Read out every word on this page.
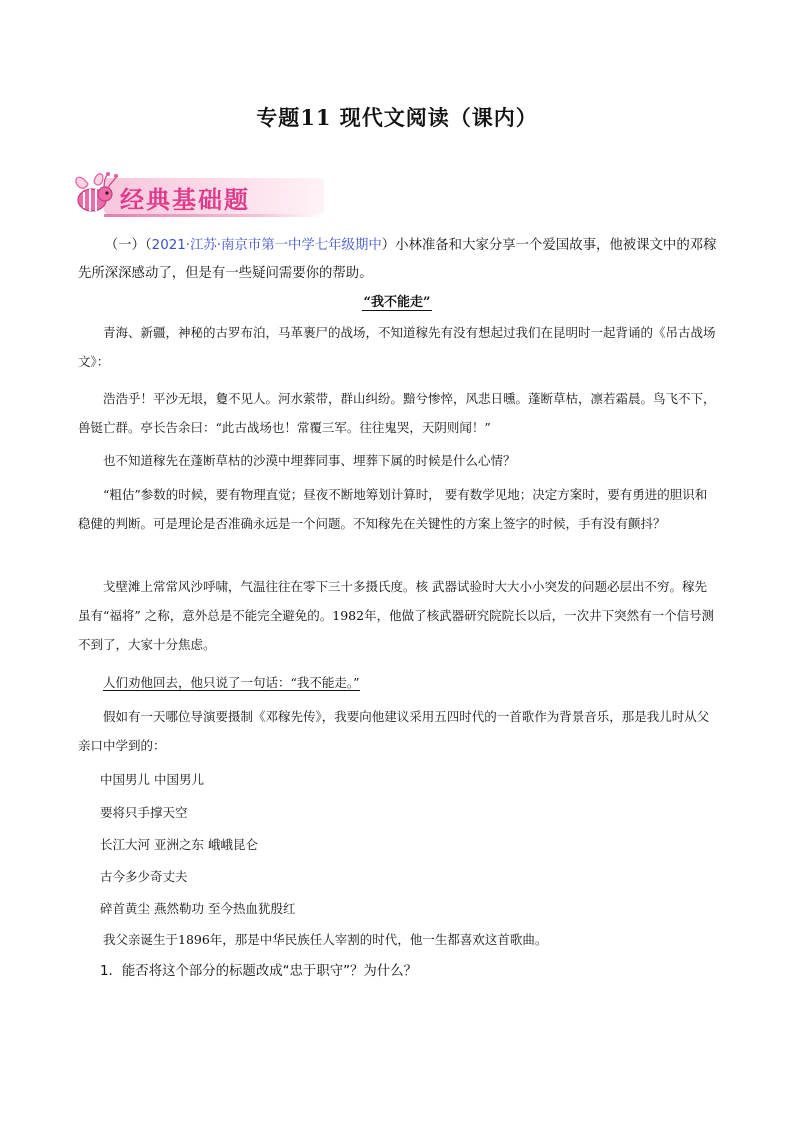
专题11 现代文阅读（课内）
经典基础题
（一）（2021·江苏·南京市第一中学七年级期中）小林准备和大家分享一个爱国故事，他被课文中的邓稼先所深深感动了，但是有一些疑问需要你的帮助。
“我不能走”
青海、新疆，神秘的古罗布泊，马革裹尸的战场，不知道稼先有没有想起过我们在昆明时一起背诵的《吊古战场文》：
浩浩乎！平沙无垠，敻不见人。河水萦带，群山纠纷。黯兮惨悴，风悲日曛。蓬断草枯，凛若霜晨。鸟飞不下，兽铤亡群。亭长告余曰：“此古战场也！常覆三军。往往鬼哭，天阴则闻！”
也不知道稼先在蓬断草枯的沙漠中埋葬同事、埋葬下属的时候是什么心情？
“粗估”参数的时候，要有物理直觉；昼夜不断地筹划计算时， 要有数学见地；决定方案时，要有勇进的胆识和稳健的判断。可是理论是否准确永远是一个问题。不知稼先在关键性的方案上签字的时候，手有没有颤抖？
戈壁滩上常常风沙呼啸，气温往往在零下三十多摄氏度。核 武器试验时大大小小突发的问题必层出不穷。稼先虽有“福将” 之称，意外总是不能完全避免的。1982年，他做了核武器研究院院长以后，一次井下突然有一个信号测不到了，大家十分焦虑。
人们劝他回去，他只说了一句话：“我不能走。”
假如有一天哪位导演要摄制《邓稼先传》，我要向他建议采用五四时代的一首歌作为背景音乐，那是我儿时从父亲口中学到的：
中国男儿 中国男儿
要将只手撑天空
长江大河 亚洲之东 峨峨昆仑
古今多少奇丈夫
碎首黄尘 燕然勒功 至今热血犹殷红
我父亲诞生于1896年，那是中华民族任人宰割的时代，他一生都喜欢这首歌曲。
1．能否将这个部分的标题改成“忠于职守”？为什么？
